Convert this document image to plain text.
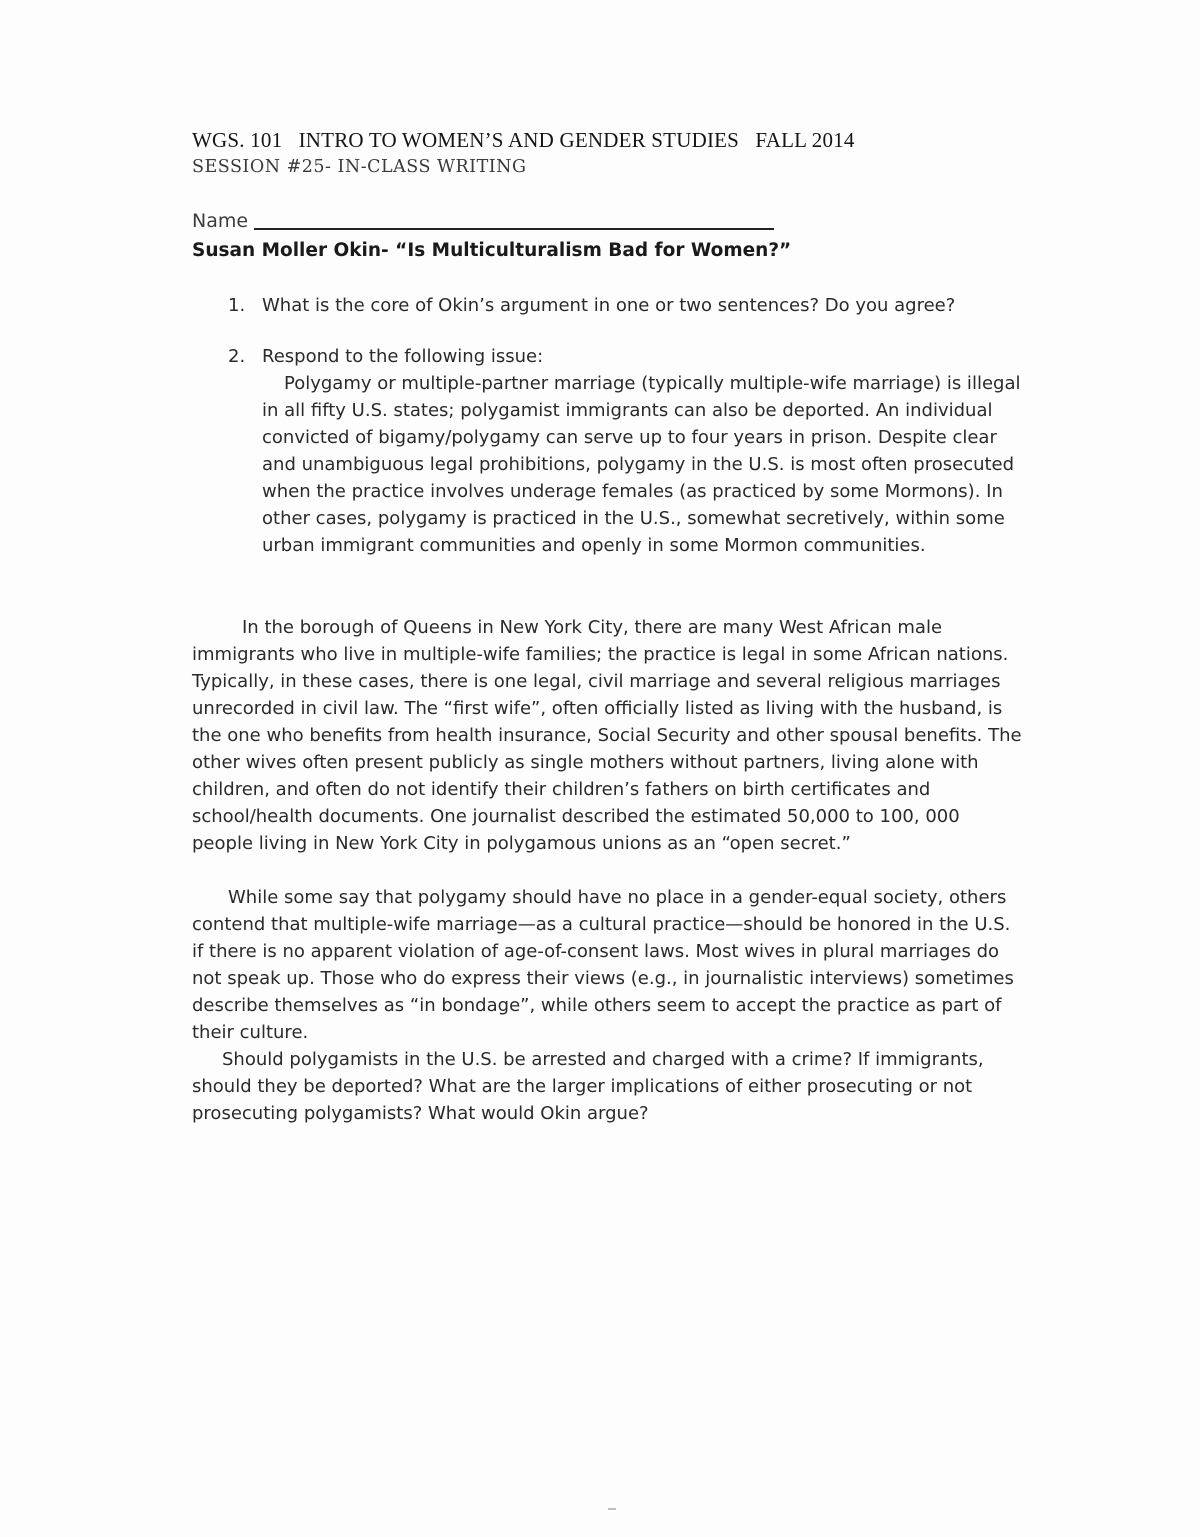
WGS. 101   INTRO TO WOMEN’S AND GENDER STUDIES   FALL 2014
SESSION #25- IN-CLASS WRITING
Name
Susan Moller Okin- “Is Multiculturalism Bad for Women?”
1. What is the core of Okin’s argument in one or two sentences? Do you agree?
2. Respond to the following issue:
Polygamy or multiple-partner marriage (typically multiple-wife marriage) is illegal in all fifty U.S. states; polygamist immigrants can also be deported. An individual convicted of bigamy/polygamy can serve up to four years in prison. Despite clear and unambiguous legal prohibitions, polygamy in the U.S. is most often prosecuted when the practice involves underage females (as practiced by some Mormons). In other cases, polygamy is practiced in the U.S., somewhat secretively, within some urban immigrant communities and openly in some Mormon communities.

In the borough of Queens in New York City, there are many West African male immigrants who live in multiple-wife families; the practice is legal in some African nations. Typically, in these cases, there is one legal, civil marriage and several religious marriages unrecorded in civil law. The “first wife”, often officially listed as living with the husband, is the one who benefits from health insurance, Social Security and other spousal benefits. The other wives often present publicly as single mothers without partners, living alone with children, and often do not identify their children’s fathers on birth certificates and school/health documents. One journalist described the estimated 50,000 to 100, 000 people living in New York City in polygamous unions as an “open secret.”

While some say that polygamy should have no place in a gender-equal society, others contend that multiple-wife marriage—as a cultural practice—should be honored in the U.S. if there is no apparent violation of age-of-consent laws. Most wives in plural marriages do not speak up. Those who do express their views (e.g., in journalistic interviews) sometimes describe themselves as “in bondage”, while others seem to accept the practice as part of their culture.

Should polygamists in the U.S. be arrested and charged with a crime? If immigrants, should they be deported? What are the larger implications of either prosecuting or not prosecuting polygamists? What would Okin argue?
